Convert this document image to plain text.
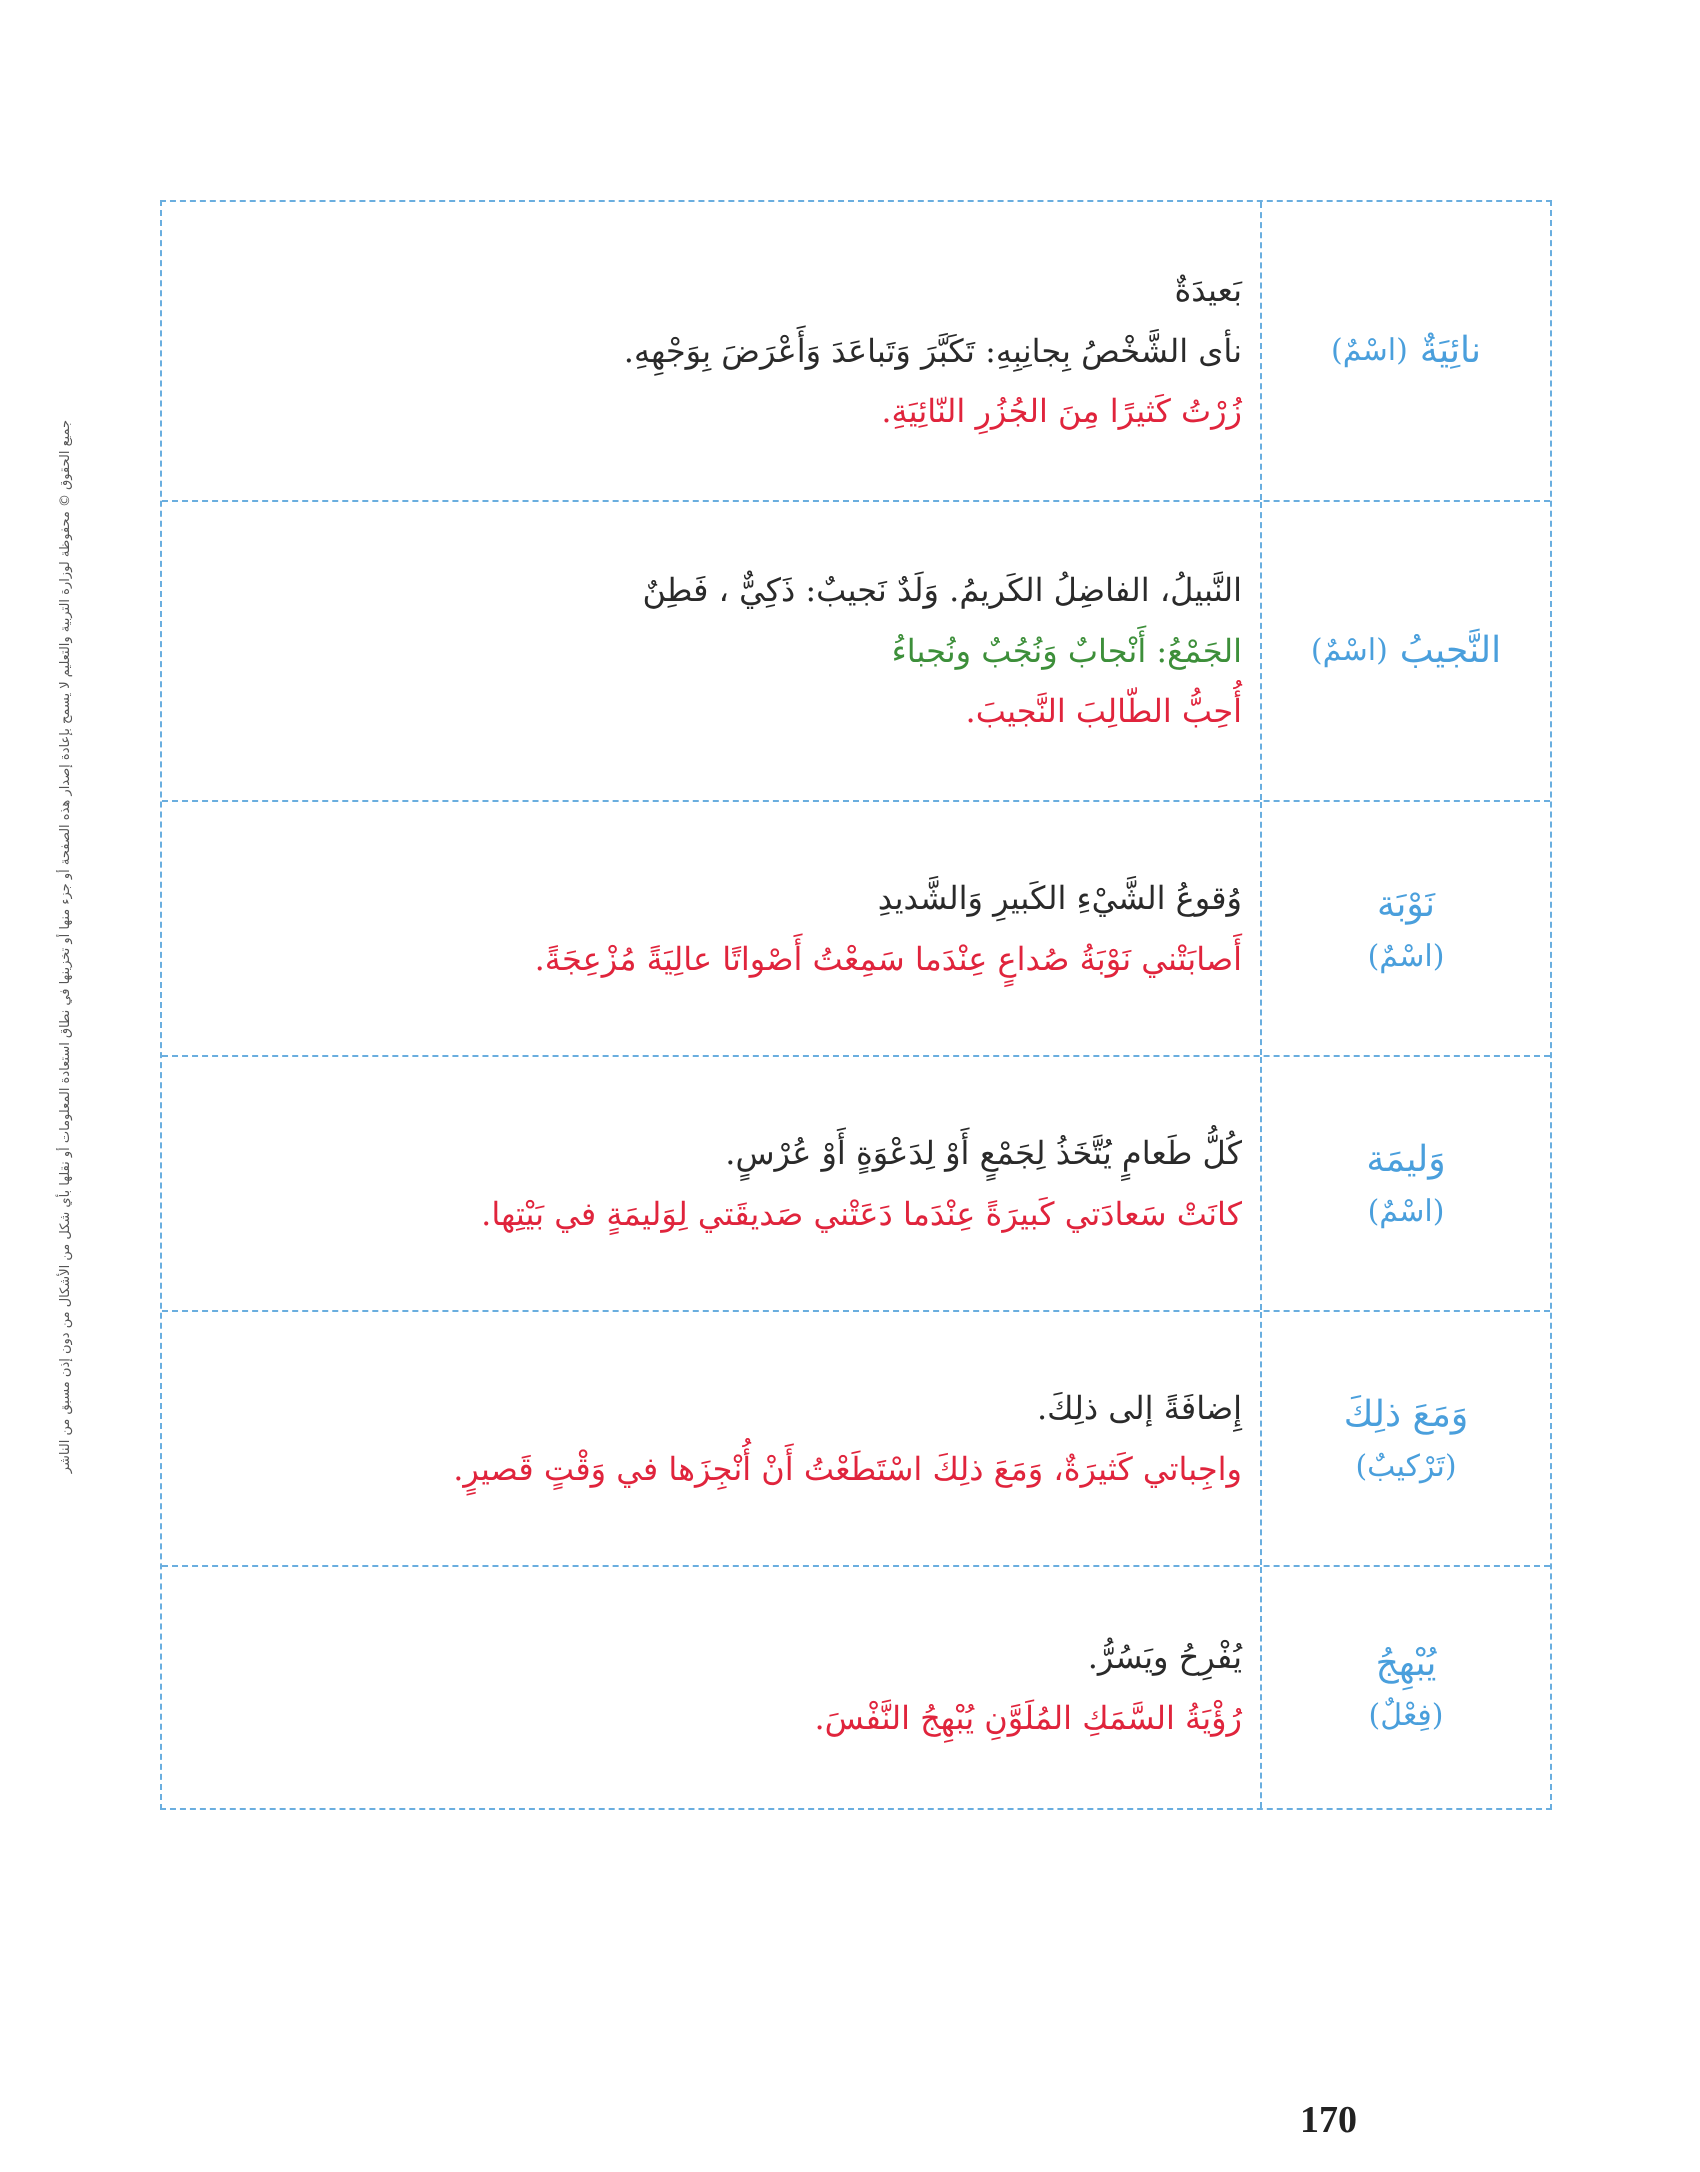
جميع الحقوق © محفوظة لوزارة التربية والتعليم لا يسمح بإعادة إصدار هذه الصفحة أو جزء منها أو تخزينها في نطاق استعادة المعلومات أو نقلها بأي شكل من الأشكال من دون إذن مسبق من الناشر
نائِيَةٌ
(اسْمٌ)
بَعيدَةٌ
نأى الشَّخْصُ بِجانِبِهِ: تَكَبَّرَ وَتَباعَدَ وَأَعْرَضَ بِوَجْهِهِ.
زُرْتُ كَثيرًا مِنَ الجُزُرِ النّائِيَةِ.
النَّجيبُ
(اسْمٌ)
النَّبيلُ، الفاضِلُ الكَريمُ. وَلَدٌ نَجيبٌ: ذَكِيٌّ ، فَطِنٌ
الجَمْعُ: أَنْجابٌ وَنُجُبٌ ونُجباءُ
أُحِبُّ الطّالِبَ النَّجيبَ.
نَوْبَة
(اسْمٌ)
وُقوعُ الشَّيْءِ الكَبيرِ وَالشَّديدِ
أَصابَتْني نَوْبَةُ صُداعٍ عِنْدَما سَمِعْتُ أَصْواتًا عالِيَةً مُزْعِجَةً.
وَليمَة
(اسْمٌ)
كُلُّ طَعامٍ يُتَّخَذُ لِجَمْعٍ أَوْ لِدَعْوَةٍ أَوْ عُرْسٍ.
كانَتْ سَعادَتي كَبيرَةً عِنْدَما دَعَتْني صَديقَتي لِوَليمَةٍ في بَيْتِها.
وَمَعَ ذلِكَ
(تَرْكيبٌ)
إِضافَةً إلى ذلِكَ.
واجِباتي كَثيرَةٌ، وَمَعَ ذلِكَ اسْتَطَعْتُ أَنْ أُنْجِزَها في وَقْتٍ قَصيرٍ.
يُبْهِجُ
(فِعْلٌ)
يُفْرِحُ ويَسُرُّ.
رُؤْيَةُ السَّمَكِ المُلَوَّنِ يُبْهِجُ النَّفْسَ.
170
